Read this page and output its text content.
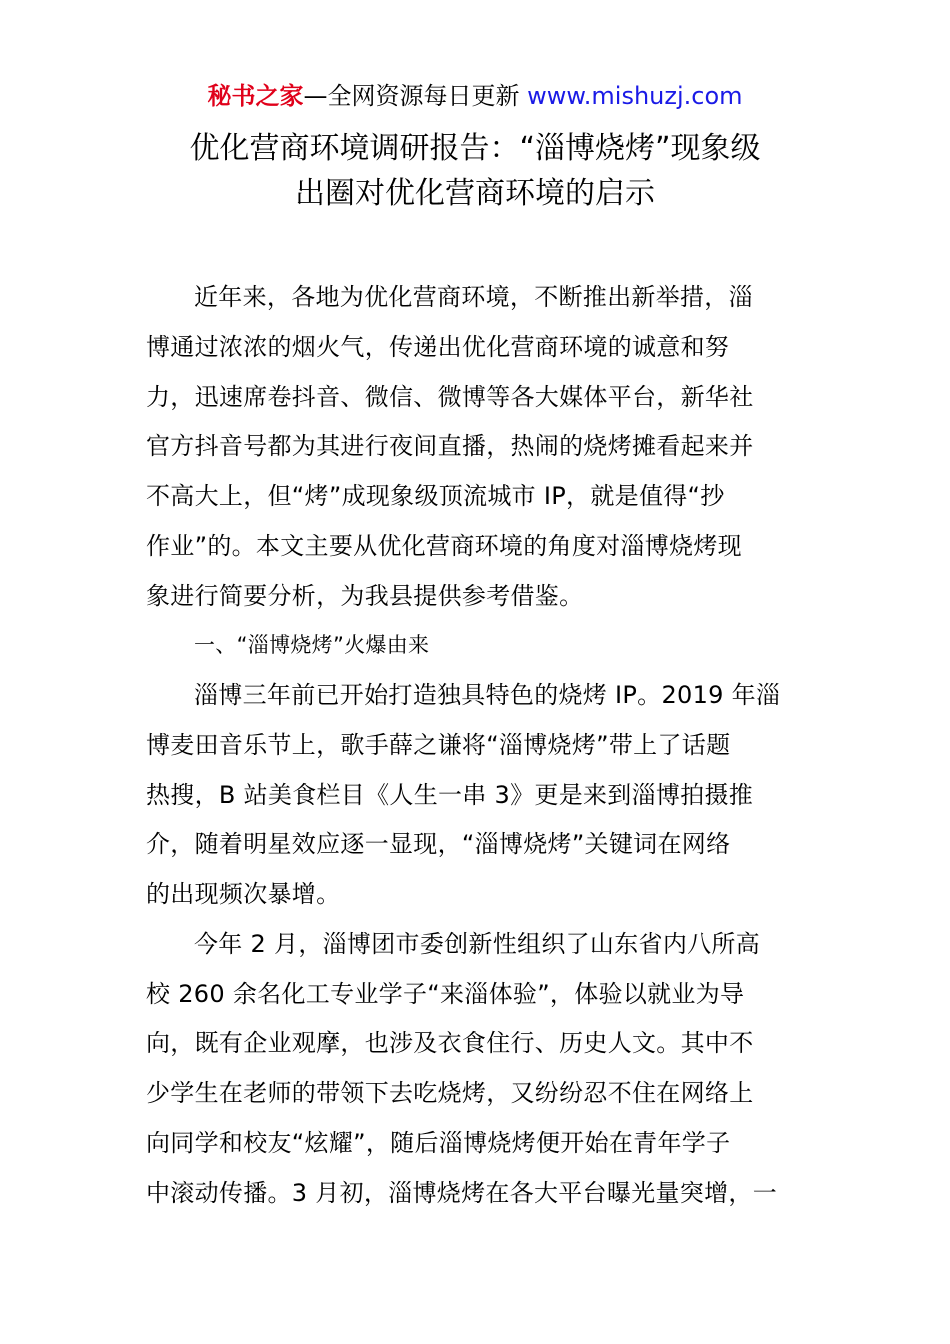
秘书之家—全网资源每日更新 www.mishuzj.com
优化营商环境调研报告：“淄博烧烤”现象级
出圈对优化营商环境的启示
近年来，各地为优化营商环境，不断推出新举措，淄
博通过浓浓的烟火气，传递出优化营商环境的诚意和努
力，迅速席卷抖音、微信、微博等各大媒体平台，新华社
官方抖音号都为其进行夜间直播，热闹的烧烤摊看起来并
不高大上，但“烤”成现象级顶流城市 IP，就是值得“抄
作业”的。本文主要从优化营商环境的角度对淄博烧烤现
象进行简要分析，为我县提供参考借鉴。
一、“淄博烧烤”火爆由来
淄博三年前已开始打造独具特色的烧烤 IP。2019 年淄
博麦田音乐节上，歌手薛之谦将“淄博烧烤”带上了话题
热搜，B 站美食栏目《人生一串 3》更是来到淄博拍摄推
介，随着明星效应逐一显现，“淄博烧烤”关键词在网络
的出现频次暴增。
今年 2 月，淄博团市委创新性组织了山东省内八所高
校 260 余名化工专业学子“来淄体验”，体验以就业为导
向，既有企业观摩，也涉及衣食住行、历史人文。其中不
少学生在老师的带领下去吃烧烤，又纷纷忍不住在网络上
向同学和校友“炫耀”，随后淄博烧烤便开始在青年学子
中滚动传播。3 月初，淄博烧烤在各大平台曝光量突增，一
